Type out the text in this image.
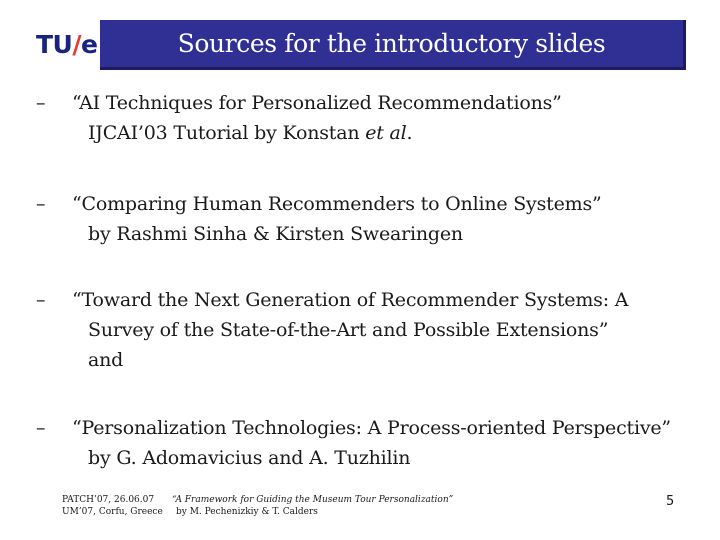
TU/e	Sources for the introductory slides
–	“AI Techniques for Personalized Recommendations”
IJCAI’03 Tutorial by Konstan et al.
–	“Comparing Human Recommenders to Online Systems”
by Rashmi Sinha & Kirsten Swearingen
–	“Toward the Next Generation of Recommender Systems: A
Survey of the State-of-the-Art and Possible Extensions”
and
–	“Personalization Technologies: A Process-oriented Perspective”
by G. Adomavicius and A. Tuzhilin
PATCH’07, 26.06.07
UM’07, Corfu, Greece
“A Framework for Guiding the Museum Tour Personalization”
by M. Pechenizkiy & T. Calders
5
